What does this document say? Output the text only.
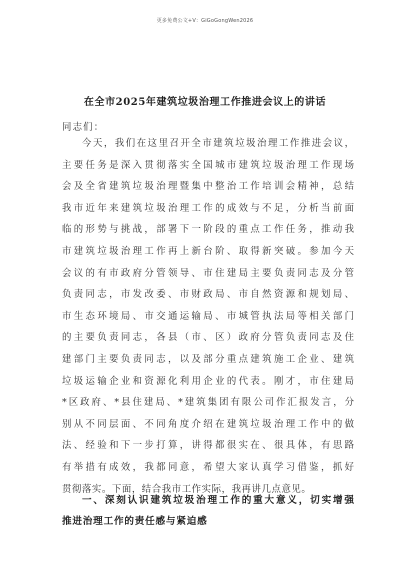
更多免费公文+V：GiGoGongWen2026
在全市2025年建筑垃圾治理工作推进会议上的讲话

同志们：

今天，我们在这里召开全市建筑垃圾治理工作推进会议，
主要任务是深入贯彻落实全国城市建筑垃圾治理工作现场
会及全省建筑垃圾治理暨集中整治工作培训会精神，总结
我市近年来建筑垃圾治理工作的成效与不足，分析当前面
临的形势与挑战，部署下一阶段的重点工作任务，推动我
市建筑垃圾治理工作再上新台阶、取得新突破。参加今天
会议的有市政府分管领导、市住建局主要负责同志及分管
负责同志，市发改委、市财政局、市自然资源和规划局、
市生态环境局、市交通运输局、市城管执法局等相关部门
的主要负责同志，各县（市、区）政府分管负责同志及住
建部门主要负责同志，以及部分重点建筑施工企业、建筑
垃圾运输企业和资源化利用企业的代表。刚才，市住建局
*区政府、*县住建局、*建筑集团有限公司作汇报发言，分
别从不同层面、不同角度介绍在建筑垃圾治理工作中的做
法、经验和下一步打算，讲得都很实在、很具体，有思路
有举措有成效，我都同意，希望大家认真学习借鉴，抓好
贯彻落实。下面，结合我市工作实际，我再讲几点意见。
一、深刻认识建筑垃圾治理工作的重大意义，切实增强
推进治理工作的责任感与紧迫感
